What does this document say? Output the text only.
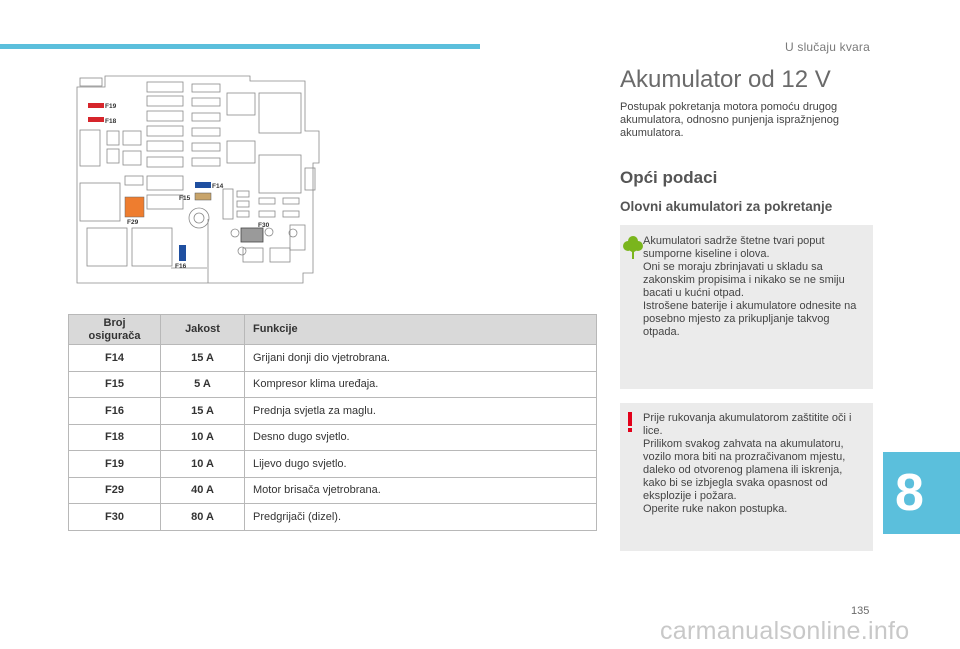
U slučaju kvara
F19
F18
F14
F15
F29	F30
F16
Broj
osigurača	Jakost	Funkcije
F14	15 A	Grijani donji dio vjetrobrana.
F15	5 A	Kompresor klima uređaja.
F16	15 A	Prednja svjetla za maglu.
F18	10 A	Desno dugo svjetlo.
F19	10 A	Lijevo dugo svjetlo.
F29	40 A	Motor brisača vjetrobrana.
F30	80 A	Predgrijači (dizel).
Akumulator od 12 V
Postupak pokretanja motora pomoću drugog akumulatora, odnosno punjenja ispražnjenog akumulatora.
Opći podaci
Olovni akumulatori za pokretanje
Akumulatori sadrže štetne tvari poput sumporne kiseline i olova.
Oni se moraju zbrinjavati u skladu sa zakonskim propisima i nikako se ne smiju bacati u kućni otpad.
Istrošene baterije i akumulatore odnesite na posebno mjesto za prikupljanje takvog otpada.
Prije rukovanja akumulatorom zaštitite oči i lice.
Prilikom svakog zahvata na akumulatoru, vozilo mora biti na prozračivanom mjestu, daleko od otvorenog plamena ili iskrenja, kako bi se izbjegla svaka opasnost od eksplozije i požara.
Operite ruke nakon postupka.	8
135
carmanualsonline.info
